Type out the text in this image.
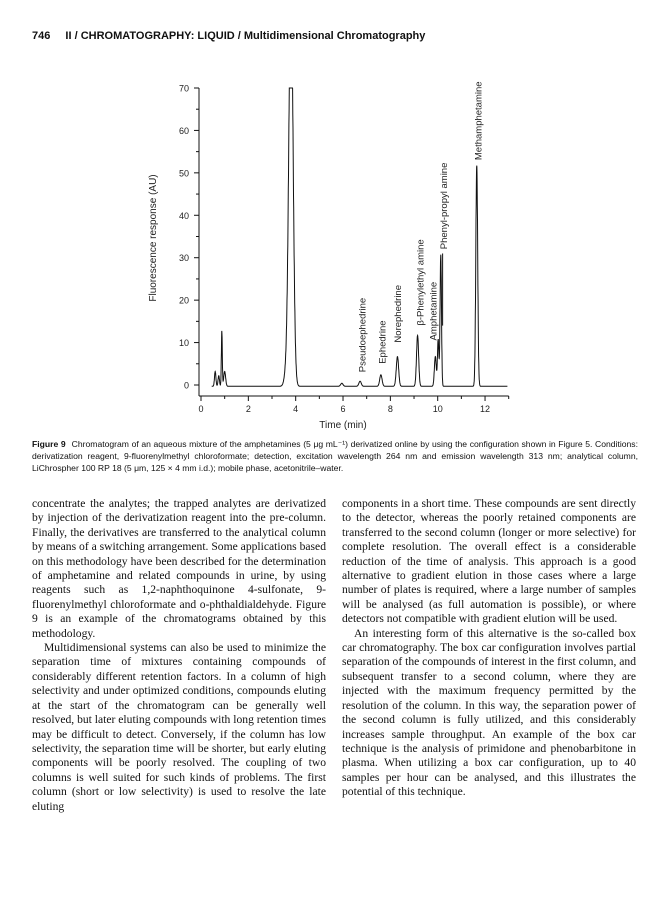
746 II / CHROMATOGRAPHY: LIQUID / Multidimensional Chromatography
0
10
20
30
40
50
60
70
0	2	4	6	8	10	12
Pseudoephedrine Ephedrine Norephedrine β-Phenylethyl amine Amphetamine
Phenyl-propyl amine
Methamphetamine
Time (min)
Fluorescence response (AU)
Figure 9 Chromatogram of an aqueous mixture of the amphetamines (5 μg mL⁻¹) derivatized online by using the configuration shown in Figure 5. Conditions: derivatization reagent, 9-fluorenylmethyl chloroformate; detection, excitation wavelength 264 nm and emission wavelength 313 nm; analytical column, LiChrospher 100 RP 18 (5 μm, 125 × 4 mm i.d.); mobile phase, acetonitrile–water.

concentrate the analytes; the trapped analytes are derivatized by injection of the derivatization reagent into the pre-column. Finally, the derivatives are transferred to the analytical column by means of a switching arrangement. Some applications based on this methodology have been described for the determination of amphetamine and related compounds in urine, by using reagents such as 1,2-naphthoquinone 4-sulfonate, 9-fluorenylmethyl chloroformate and o-phthaldialdehyde. Figure 9 is an example of the chromatograms obtained by this methodology.

Multidimensional systems can also be used to minimize the separation time of mixtures containing compounds of considerably different retention factors. In a column of high selectivity and under optimized conditions, compounds eluting at the start of the chromatogram can be generally well resolved, but later eluting compounds with long retention times may be difficult to detect. Conversely, if the column has low selectivity, the separation time will be shorter, but early eluting components will be poorly resolved. The coupling of two columns is well suited for such kinds of problems. The first column (short or low selectivity) is used to resolve the late eluting

components in a short time. These compounds are sent directly to the detector, whereas the poorly retained components are transferred to the second column (longer or more selective) for complete resolution. The overall effect is a considerable reduction of the time of analysis. This approach is a good alternative to gradient elution in those cases where a large number of plates is required, where a large number of samples will be analysed (as full automation is possible), or where detectors not compatible with gradient elution will be used.

An interesting form of this alternative is the so-called box car chromatography. The box car configuration involves partial separation of the compounds of interest in the first column, and subsequent transfer to a second column, where they are injected with the maximum frequency permitted by the resolution of the column. In this way, the separation power of the second column is fully utilized, and this considerably increases sample throughput. An example of the box car technique is the analysis of primidone and phenobarbitone in plasma. When utilizing a box car configuration, up to 40 samples per hour can be analysed, and this illustrates the potential of this technique.
